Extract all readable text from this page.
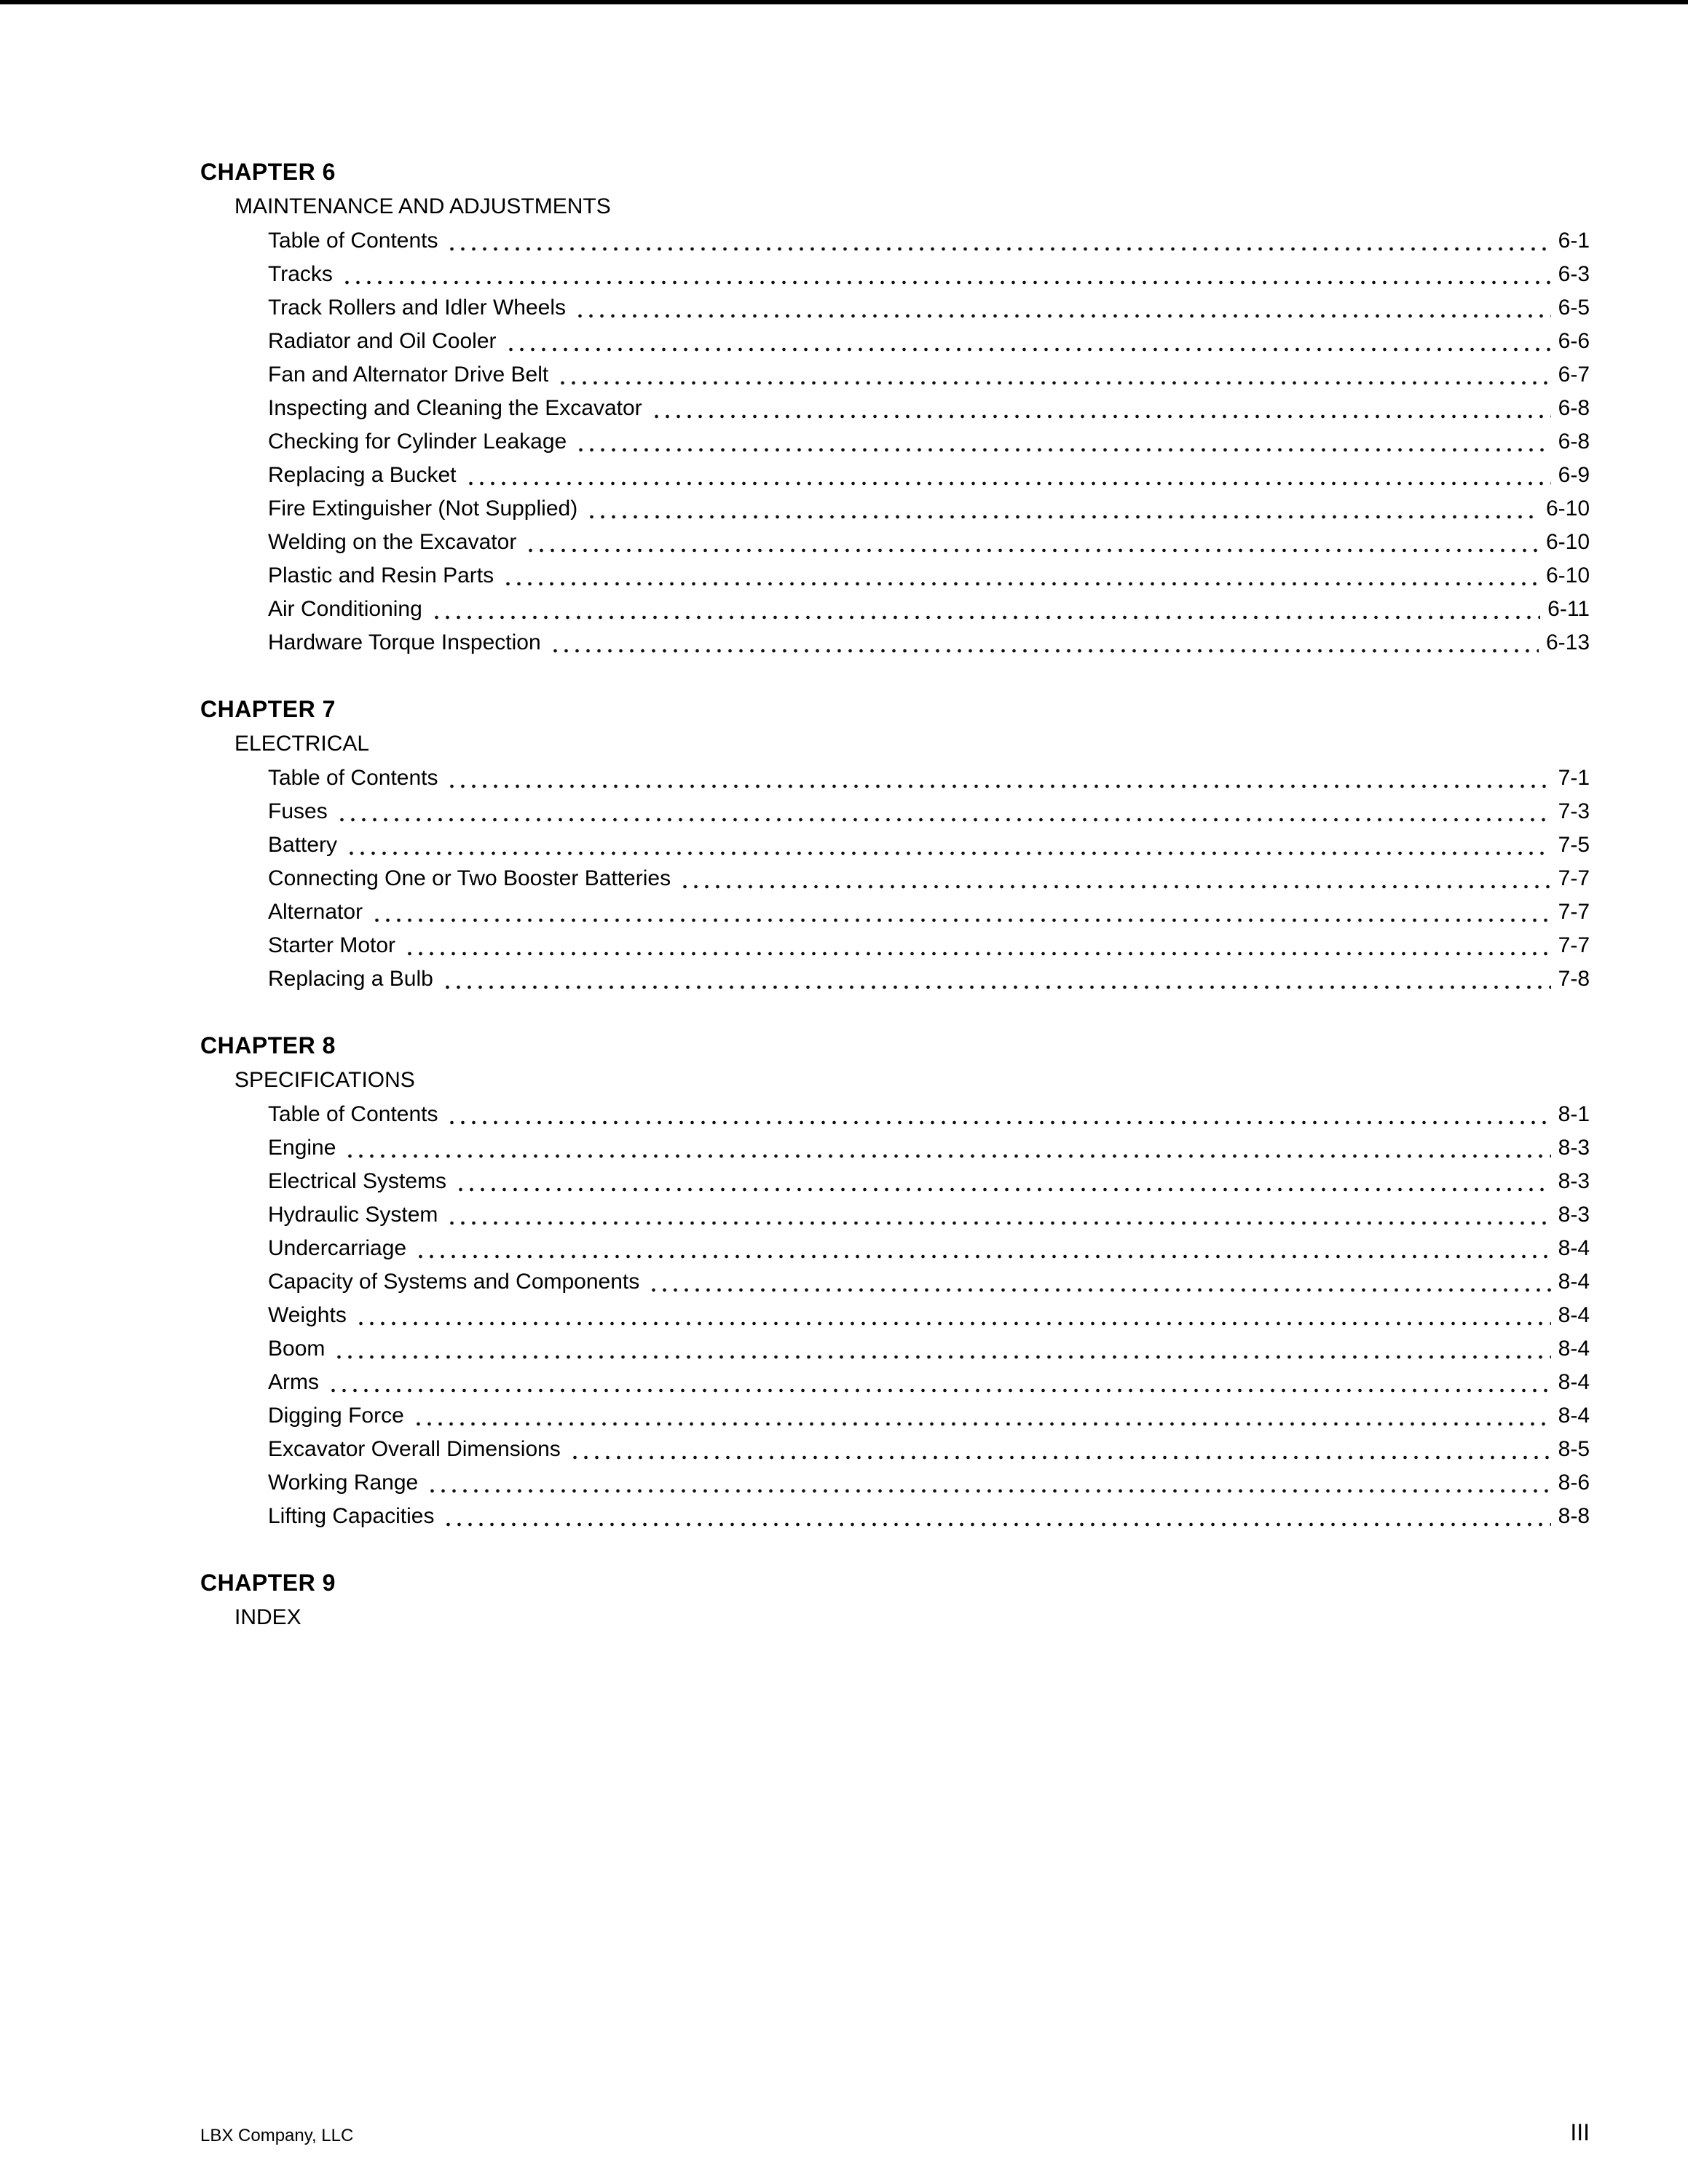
CHAPTER 6
MAINTENANCE AND ADJUSTMENTS
Table of Contents	6-1
Tracks	6-3
Track Rollers and Idler Wheels	6-5
Radiator and Oil Cooler	6-6
Fan and Alternator Drive Belt	6-7
Inspecting and Cleaning the Excavator	6-8
Checking for Cylinder Leakage	6-8
Replacing a Bucket	6-9
Fire Extinguisher (Not Supplied)	6-10
Welding on the Excavator	6-10
Plastic and Resin Parts	6-10
Air Conditioning	6-11
Hardware Torque Inspection	6-13
CHAPTER 7
ELECTRICAL
Table of Contents	7-1
Fuses	7-3
Battery	7-5
Connecting One or Two Booster Batteries	7-7
Alternator	7-7
Starter Motor	7-7
Replacing a Bulb	7-8
CHAPTER 8
SPECIFICATIONS
Table of Contents	8-1
Engine	8-3
Electrical Systems	8-3
Hydraulic System	8-3
Undercarriage	8-4
Capacity of Systems and Components	8-4
Weights	8-4
Boom	8-4
Arms	8-4
Digging Force	8-4
Excavator Overall Dimensions	8-5
Working Range	8-6
Lifting Capacities	8-8
CHAPTER 9
INDEX
LBX Company, LLC	III
